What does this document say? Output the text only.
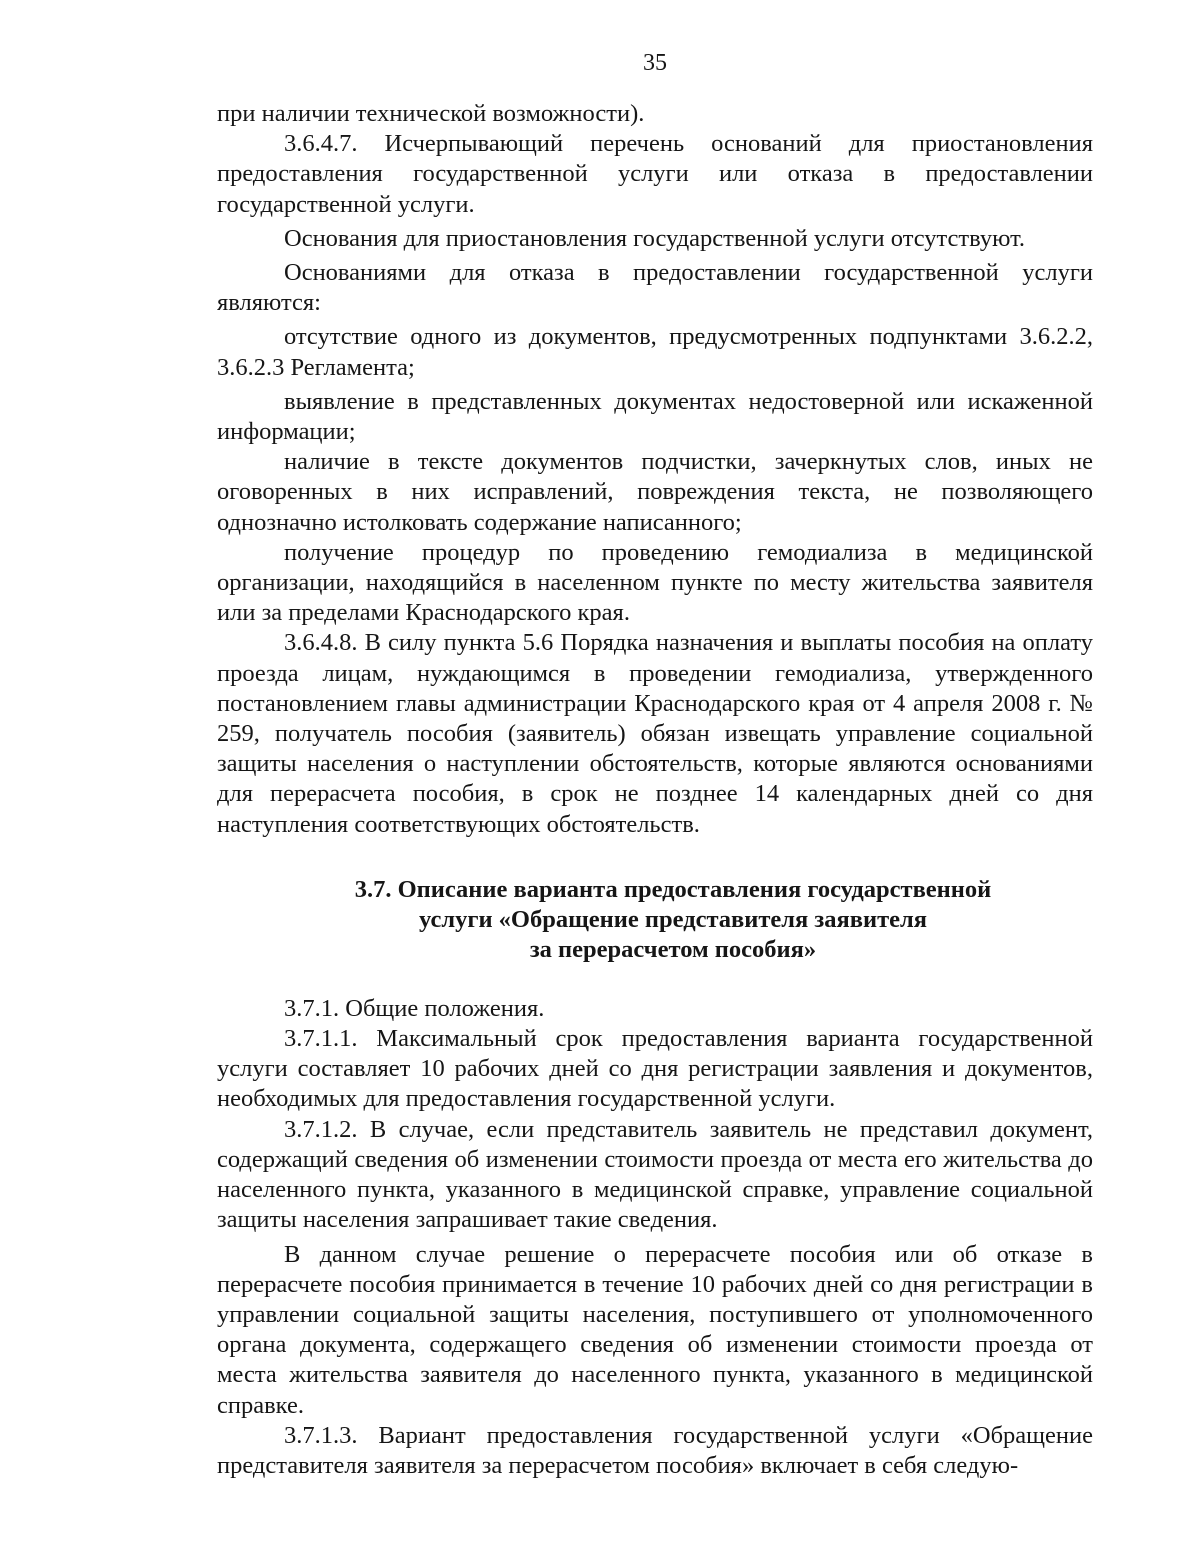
35

при наличии технической возможности).

3.6.4.7. Исчерпывающий перечень оснований для приостановления предоставления государственной услуги или отказа в предоставлении государственной услуги.

Основания для приостановления государственной услуги отсутствуют.

Основаниями для отказа в предоставлении государственной услуги являются:

отсутствие одного из документов, предусмотренных подпунктами 3.6.2.2, 3.6.2.3 Регламента;

выявление в представленных документах недостоверной или искаженной информации;

наличие в тексте документов подчистки, зачеркнутых слов, иных не оговоренных в них исправлений, повреждения текста, не позволяющего однозначно истолковать содержание написанного;

получение процедур по проведению гемодиализа в медицинской организации, находящийся в населенном пункте по месту жительства заявителя или за пределами Краснодарского края.

3.6.4.8. В силу пункта 5.6 Порядка назначения и выплаты пособия на оплату проезда лицам, нуждающимся в проведении гемодиализа, утвержденного постановлением главы администрации Краснодарского края от 4 апреля 2008 г. № 259, получатель пособия (заявитель) обязан извещать управление социальной защиты населения о наступлении обстоятельств, которые являются основаниями для перерасчета пособия, в срок не позднее 14 календарных дней со дня наступления соответствующих обстоятельств.

3.7. Описание варианта предоставления государственной
услуги «Обращение представителя заявителя
за перерасчетом пособия»

3.7.1. Общие положения.

3.7.1.1. Максимальный срок предоставления варианта государственной услуги составляет 10 рабочих дней со дня регистрации заявления и документов, необходимых для предоставления государственной услуги.

3.7.1.2. В случае, если представитель заявитель не представил документ, содержащий сведения об изменении стоимости проезда от места его жительства до населенного пункта, указанного в медицинской справке, управление социальной защиты населения запрашивает такие сведения.

В данном случае решение о перерасчете пособия или об отказе в перерасчете пособия принимается в течение 10 рабочих дней со дня регистрации в управлении социальной защиты населения, поступившего от уполномоченного органа документа, содержащего сведения об изменении стоимости проезда от места жительства заявителя до населенного пункта, указанного в медицинской справке.

3.7.1.3. Вариант предоставления государственной услуги «Обращение представителя заявителя за перерасчетом пособия» включает в себя следую-
